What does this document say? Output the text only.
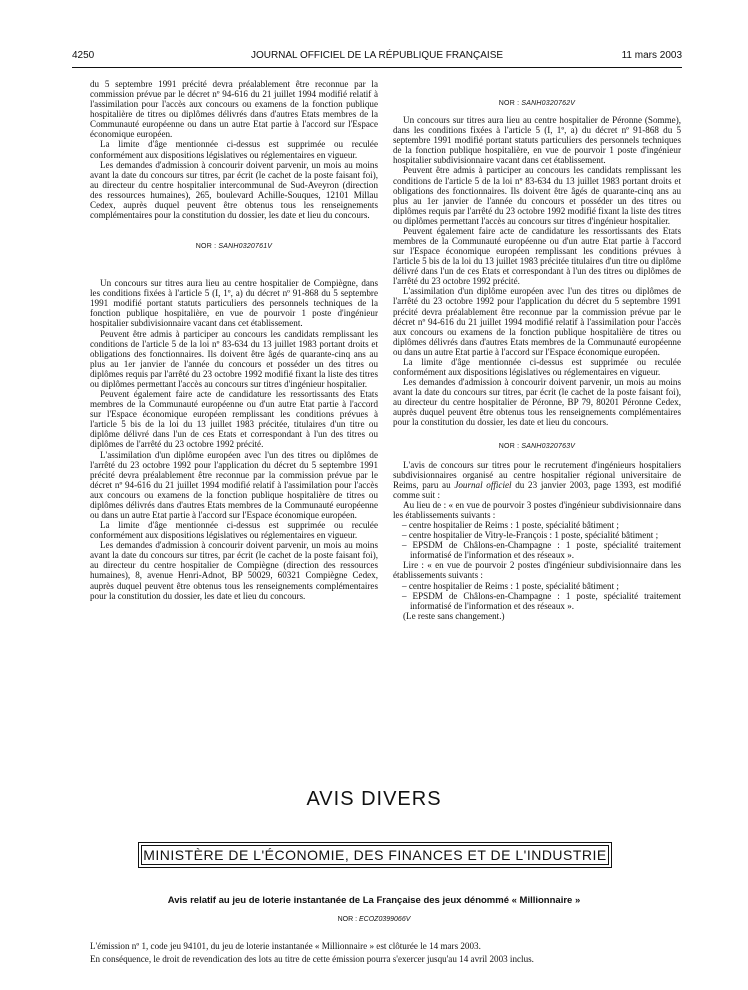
4250	JOURNAL OFFICIEL DE LA RÉPUBLIQUE FRANÇAISE	11 mars 2003

du 5 septembre 1991 précité devra préalablement être reconnue par la commission prévue par le décret nº 94-616 du 21 juillet 1994 modifié relatif à l'assimilation pour l'accès aux concours ou examens de la fonction publique hospitalière de titres ou diplômes délivrés dans d'autres Etats membres de la Communauté européenne ou dans un autre Etat partie à l'accord sur l'Espace économique européen.

La limite d'âge mentionnée ci-dessus est supprimée ou reculée conformément aux dispositions législatives ou réglementaires en vigueur.

Les demandes d'admission à concourir doivent parvenir, un mois au moins avant la date du concours sur titres, par écrit (le cachet de la poste faisant foi), au directeur du centre hospitalier intercommunal de Sud-Aveyron (direction des ressources humaines), 265, boulevard Achille-Souques, 12101 Millau Cedex, auprès duquel peuvent être obtenus tous les renseignements complémentaires pour la constitution du dossier, les date et lieu du concours.

NOR : SANH0320761V

Un concours sur titres aura lieu au centre hospitalier de Compiègne, dans les conditions fixées à l'article 5 (I, 1º, a) du décret nº 91-868 du 5 septembre 1991 modifié portant statuts particuliers des personnels techniques de la fonction publique hospitalière, en vue de pourvoir 1 poste d'ingénieur hospitalier subdivisionnaire vacant dans cet établissement.

Peuvent être admis à participer au concours les candidats remplissant les conditions de l'article 5 de la loi nº 83-634 du 13 juillet 1983 portant droits et obligations des fonctionnaires. Ils doivent être âgés de quarante-cinq ans au plus au 1er janvier de l'année du concours et posséder un des titres ou diplômes requis par l'arrêté du 23 octobre 1992 modifié fixant la liste des titres ou diplômes permettant l'accès au concours sur titres d'ingénieur hospitalier.

Peuvent également faire acte de candidature les ressortissants des Etats membres de la Communauté européenne ou d'un autre Etat partie à l'accord sur l'Espace économique européen remplissant les conditions prévues à l'article 5 bis de la loi du 13 juillet 1983 précitée, titulaires d'un titre ou diplôme délivré dans l'un de ces Etats et correspondant à l'un des titres ou diplômes de l'arrêté du 23 octobre 1992 précité.

L'assimilation d'un diplôme européen avec l'un des titres ou diplômes de l'arrêté du 23 octobre 1992 pour l'application du décret du 5 septembre 1991 précité devra préalablement être reconnue par la commission prévue par le décret nº 94-616 du 21 juillet 1994 modifié relatif à l'assimilation pour l'accès aux concours ou examens de la fonction publique hospitalière de titres ou diplômes délivrés dans d'autres Etats membres de la Communauté européenne ou dans un autre Etat partie à l'accord sur l'Espace économique européen.

La limite d'âge mentionnée ci-dessus est supprimée ou reculée conformément aux dispositions législatives ou réglementaires en vigueur.

Les demandes d'admission à concourir doivent parvenir, un mois au moins avant la date du concours sur titres, par écrit (le cachet de la poste faisant foi), au directeur du centre hospitalier de Compiègne (direction des ressources humaines), 8, avenue Henri-Adnot, BP 50029, 60321 Compiègne Cedex, auprès duquel peuvent être obtenus tous les renseignements complémentaires pour la constitution du dossier, les date et lieu du concours.

NOR : SANH0320762V

Un concours sur titres aura lieu au centre hospitalier de Péronne (Somme), dans les conditions fixées à l'article 5 (I, 1º, a) du décret nº 91-868 du 5 septembre 1991 modifié portant statuts particuliers des personnels techniques de la fonction publique hospitalière, en vue de pourvoir 1 poste d'ingénieur hospitalier subdivisionnaire vacant dans cet établissement.

Peuvent être admis à participer au concours les candidats remplissant les conditions de l'article 5 de la loi nº 83-634 du 13 juillet 1983 portant droits et obligations des fonctionnaires. Ils doivent être âgés de quarante-cinq ans au plus au 1er janvier de l'année du concours et posséder un des titres ou diplômes requis par l'arrêté du 23 octobre 1992 modifié fixant la liste des titres ou diplômes permettant l'accès au concours sur titres d'ingénieur hospitalier.

Peuvent également faire acte de candidature les ressortissants des Etats membres de la Communauté européenne ou d'un autre Etat partie à l'accord sur l'Espace économique européen remplissant les conditions prévues à l'article 5 bis de la loi du 13 juillet 1983 précitée titulaires d'un titre ou diplôme délivré dans l'un de ces Etats et correspondant à l'un des titres ou diplômes de l'arrêté du 23 octobre 1992 précité.

L'assimilation d'un diplôme européen avec l'un des titres ou diplômes de l'arrêté du 23 octobre 1992 pour l'application du décret du 5 septembre 1991 précité devra préalablement être reconnue par la commission prévue par le décret nº 94-616 du 21 juillet 1994 modifié relatif à l'assimilation pour l'accès aux concours ou examens de la fonction publique hospitalière de titres ou diplômes délivrés dans d'autres Etats membres de la Communauté européenne ou dans un autre Etat partie à l'accord sur l'Espace économique européen.

La limite d'âge mentionnée ci-dessus est supprimée ou reculée conformément aux dispositions législatives ou réglementaires en vigueur.

Les demandes d'admission à concourir doivent parvenir, un mois au moins avant la date du concours sur titres, par écrit (le cachet de la poste faisant foi), au directeur du centre hospitalier de Péronne, BP 79, 80201 Péronne Cedex, auprès duquel peuvent être obtenus tous les renseignements complémentaires pour la constitution du dossier, les date et lieu du concours.

NOR : SANH0320763V

L'avis de concours sur titres pour le recrutement d'ingénieurs hospitaliers subdivisionnaires organisé au centre hospitalier régional universitaire de Reims, paru au Journal officiel du 23 janvier 2003, page 1393, est modifié comme suit :

Au lieu de : « en vue de pourvoir 3 postes d'ingénieur subdivisionnaire dans les établissements suivants :

– centre hospitalier de Reims : 1 poste, spécialité bâtiment ;
– centre hospitalier de Vitry-le-François : 1 poste, spécialité bâtiment ;
– EPSDM de Châlons-en-Champagne : 1 poste, spécialité traitement informatisé de l'information et des réseaux ».

Lire : « en vue de pourvoir 2 postes d'ingénieur subdivisionnaire dans les établissements suivants :

– centre hospitalier de Reims : 1 poste, spécialité bâtiment ;
– EPSDM de Châlons-en-Champagne : 1 poste, spécialité traitement informatisé de l'information et des réseaux ».

(Le reste sans changement.)

AVIS DIVERS
MINISTÈRE DE L'ÉCONOMIE, DES FINANCES ET DE L'INDUSTRIE
Avis relatif au jeu de loterie instantanée de La Française des jeux dénommé « Millionnaire »
NOR : ECOZ0399066V

L'émission nº 1, code jeu 94101, du jeu de loterie instantanée « Millionnaire » est clôturée le 14 mars 2003.

En conséquence, le droit de revendication des lots au titre de cette émission pourra s'exercer jusqu'au 14 avril 2003 inclus.
